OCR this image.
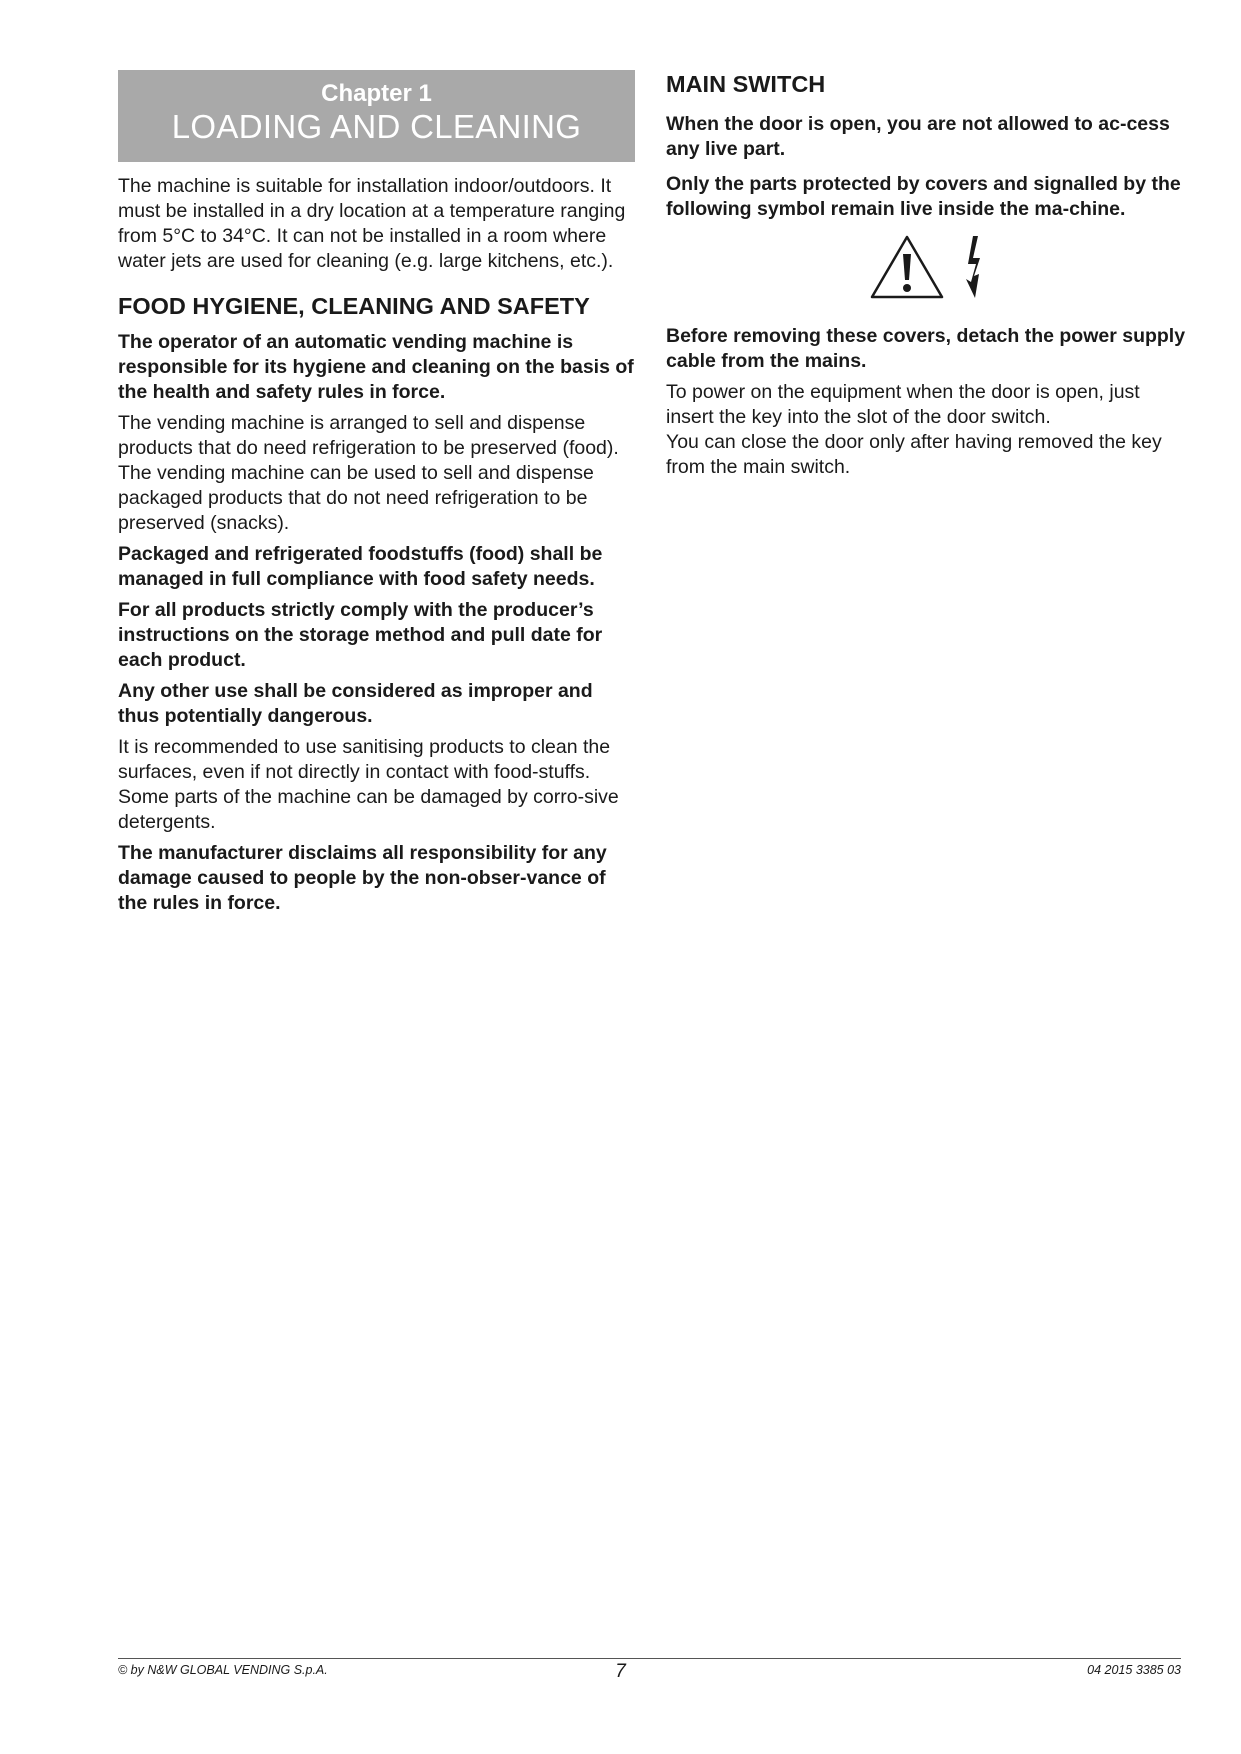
Chapter 1
LOADING AND CLEANING

The machine is suitable for installation indoor/outdoors. It must be installed in a dry location at a temperature ranging from 5°C to 34°C. It can not be installed in a room where water jets are used for cleaning (e.g. large kitchens, etc.).

FOOD HYGIENE, CLEANING AND SAFETY

The operator of an automatic vending machine is responsible for its hygiene and cleaning on the basis of the health and safety rules in force.

The vending machine is arranged to sell and dispense products that do need refrigeration to be preserved (food).

The vending machine can be used to sell and dispense packaged products that do not need refrigeration to be preserved (snacks).

Packaged and refrigerated foodstuffs (food) shall be managed in full compliance with food safety needs.

For all products strictly comply with the producer’s instructions on the storage method and pull date for each product.

Any other use shall be considered as improper and thus potentially dangerous.

It is recommended to use sanitising products to clean the surfaces, even if not directly in contact with food-stuffs.

Some parts of the machine can be damaged by corro-sive detergents.

The manufacturer disclaims all responsibility for any damage caused to people by the non-obser-vance of the rules in force.

MAIN SWITCH

When the door is open, you are not allowed to ac-cess any live part.

Only the parts protected by covers and signalled by the following symbol remain live inside the ma-chine.

Before removing these covers, detach the power supply cable from the mains.

To power on the equipment when the door is open, just insert the key into the slot of the door switch.

You can close the door only after having removed the key from the main switch.

© by N&W GLOBAL VENDING S.p.A.	7	04 2015 3385 03
